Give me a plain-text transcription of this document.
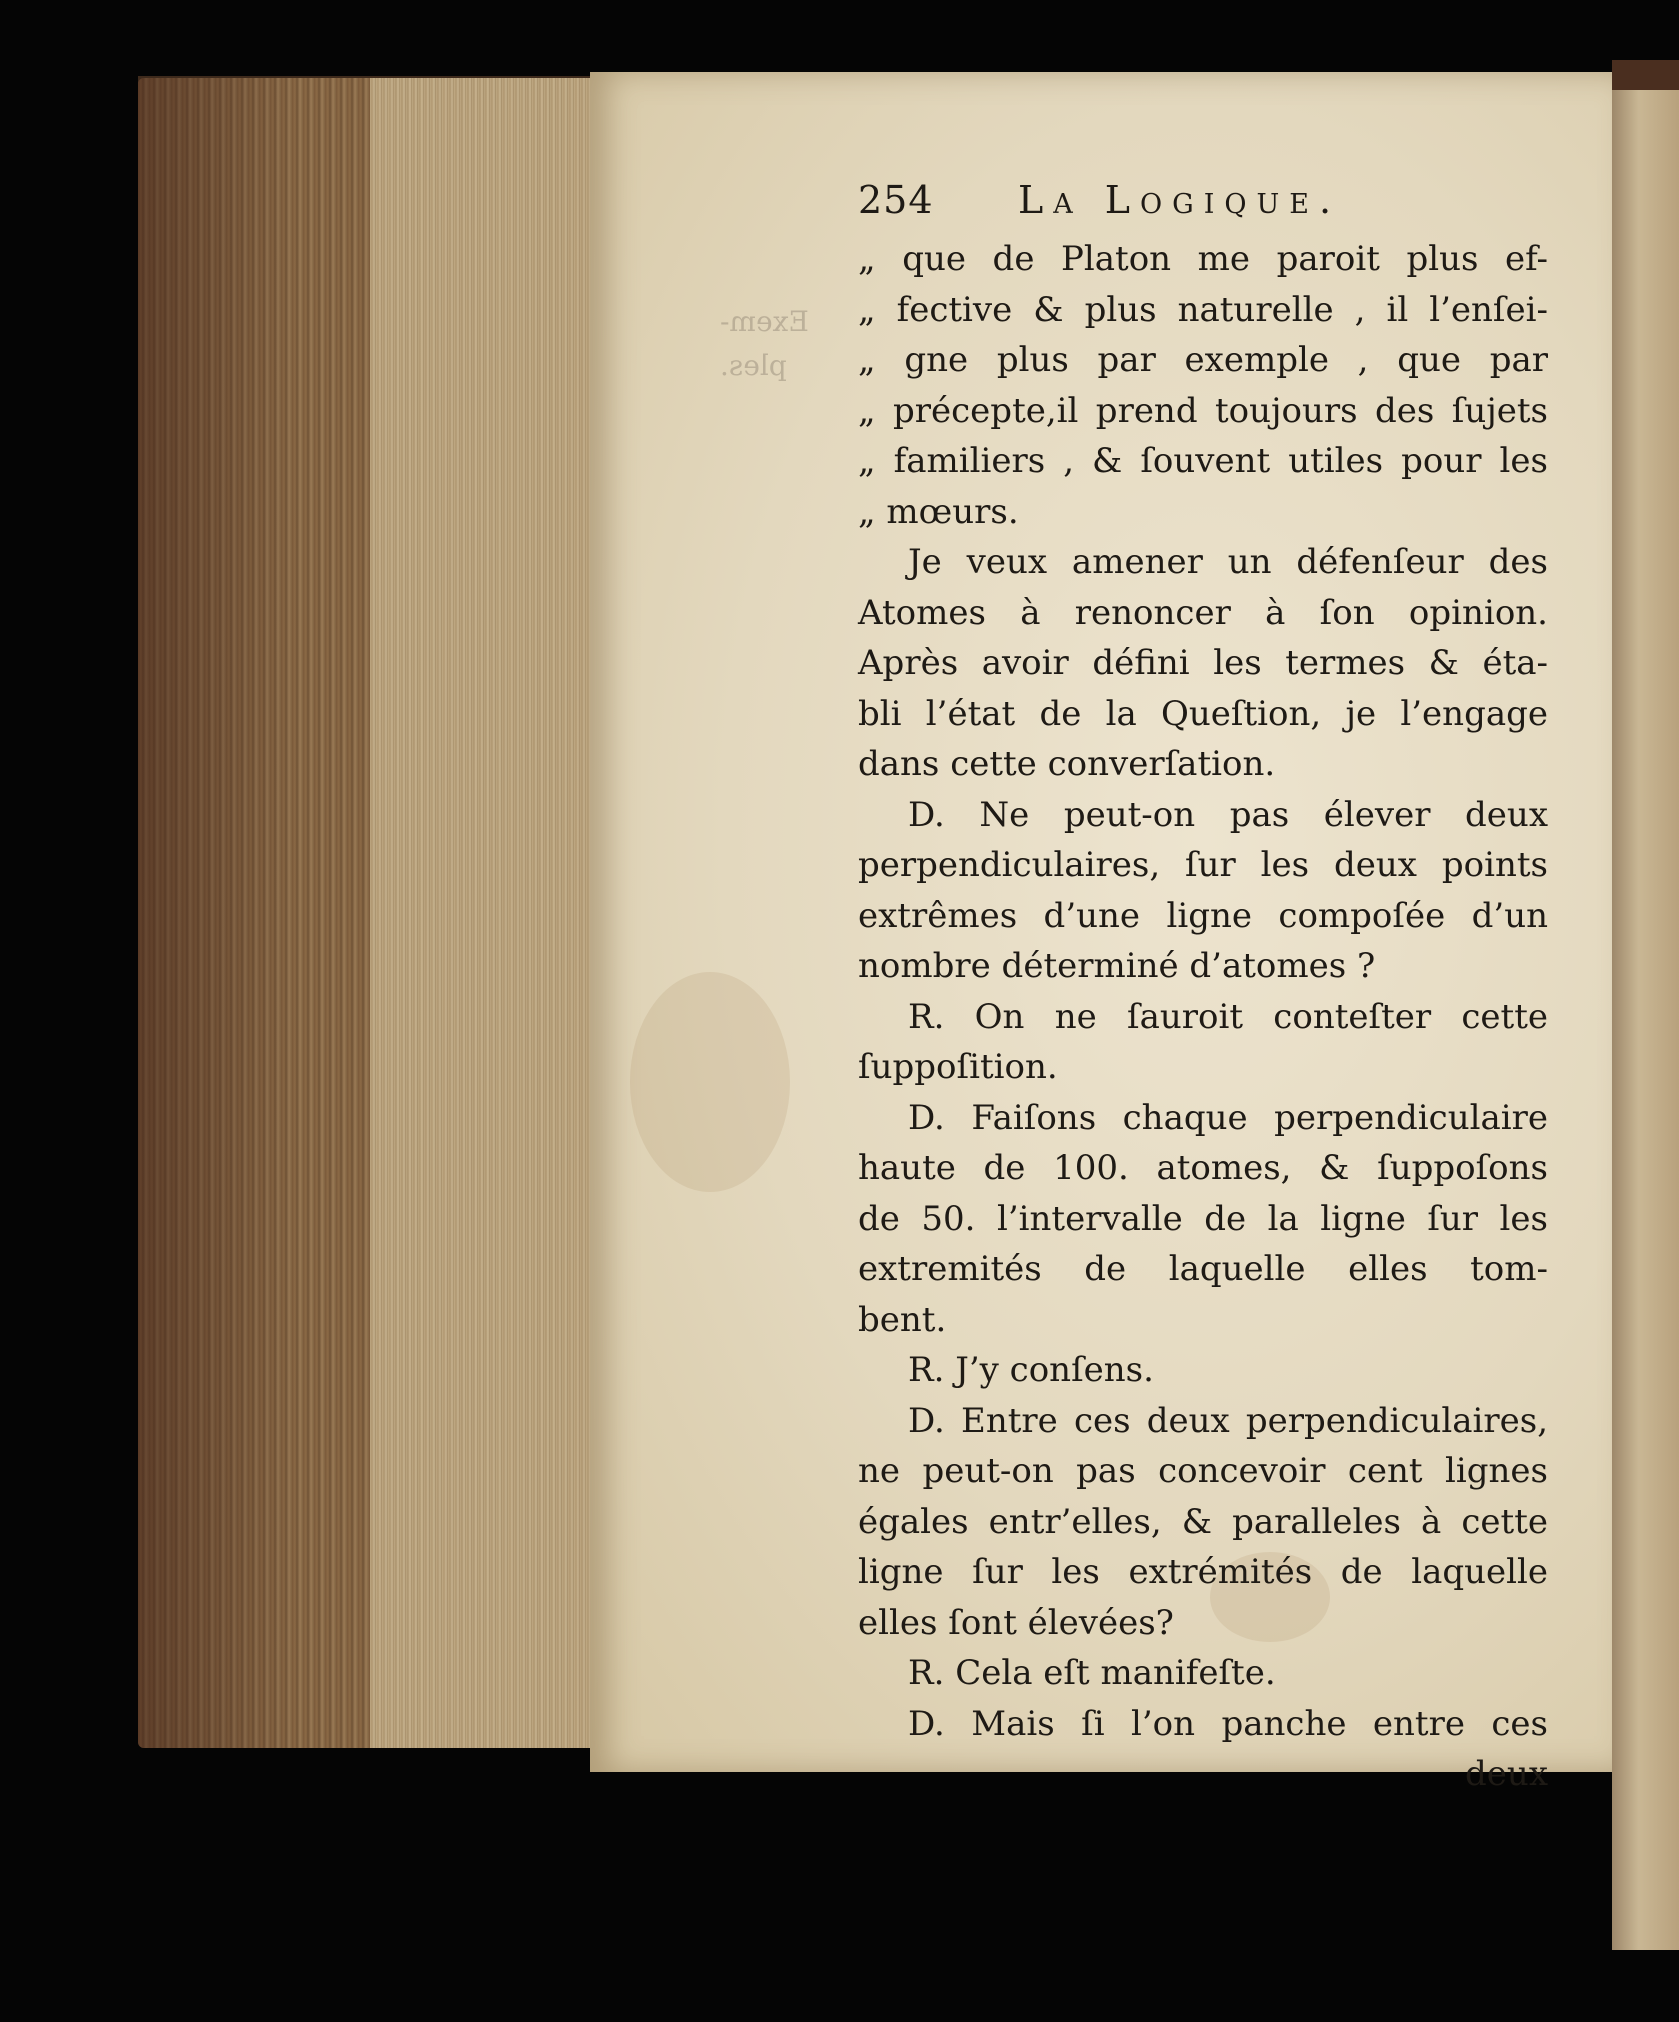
Exem-
ples.
254	La Logique.
„ que de Platon me paroit plus ef-
„ fective & plus naturelle , il l’enſei-
„ gne plus par exemple , que par
„ précepte,il prend toujours des ſujets
„ familiers , & ſouvent utiles pour les
„ mœurs.
Je veux amener un défenſeur des
Atomes à renoncer à ſon opinion.
Après avoir défini les termes & éta-
bli l’état de la Queſtion, je l’engage
dans cette converſation.
D. Ne peut-on pas élever deux
perpendiculaires, ſur les deux points
extrêmes d’une ligne compoſée d’un
nombre déterminé d’atomes ?
R. On ne ſauroit conteſter cette
ſuppoſition.
D. Faiſons chaque perpendiculaire
haute de 100. atomes, & ſuppoſons
de 50. l’intervalle de la ligne ſur les
extremités de laquelle elles tom-
bent.
R. J’y conſens.
D. Entre ces deux perpendiculaires,
ne peut-on pas concevoir cent lignes
égales entr’elles, & paralleles à cette
ligne ſur les extrémités de laquelle
elles ſont élevées?
R. Cela eſt manifeſte.
D. Mais ſi l’on panche entre ces
deux
